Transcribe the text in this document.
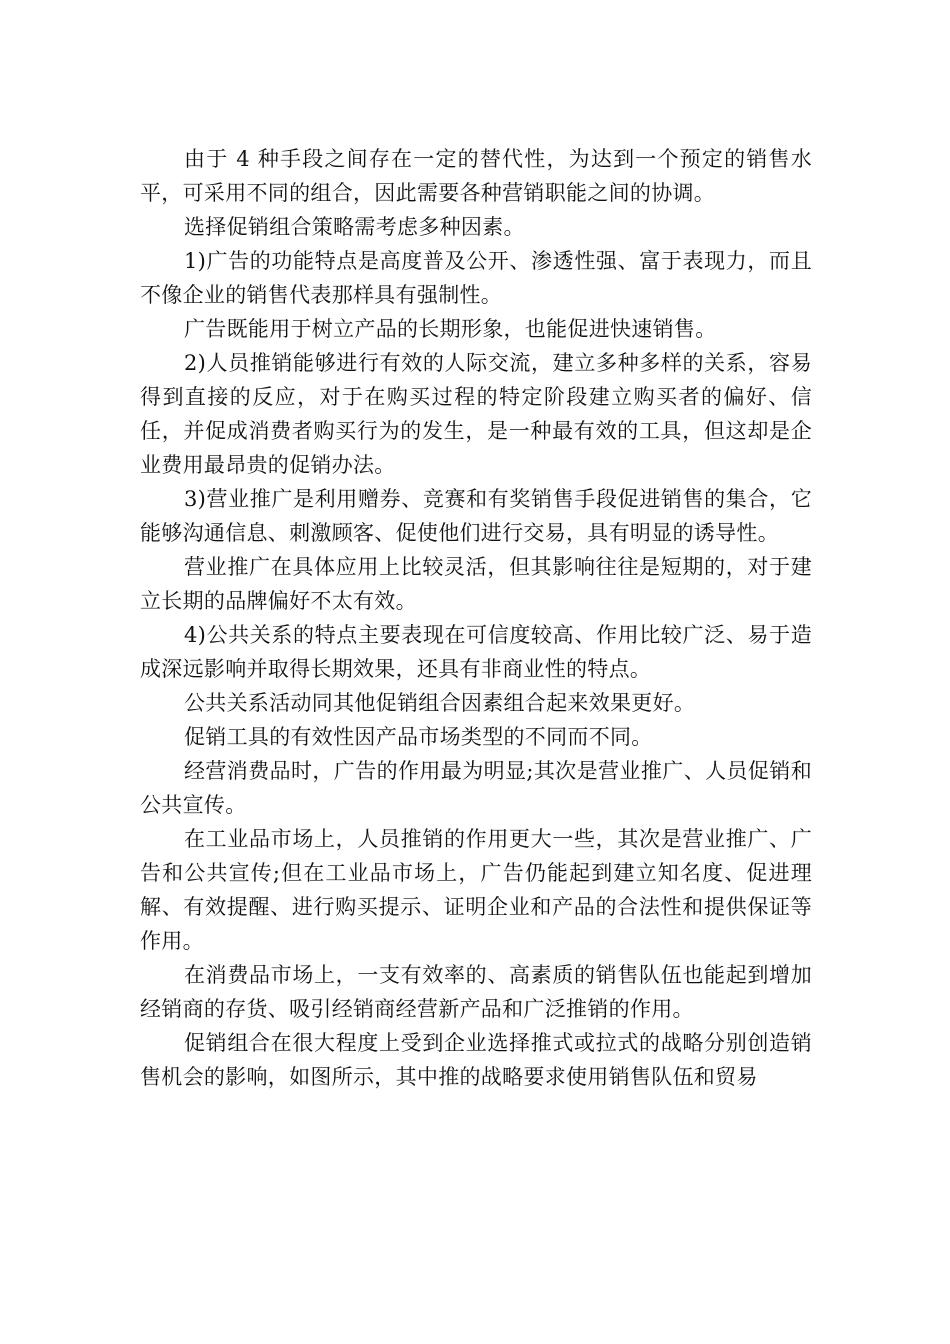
由于 4 种手段之间存在一定的替代性，为达到一个预定的销售水平，可采用不同的组合，因此需要各种营销职能之间的协调。

选择促销组合策略需考虑多种因素。

1)广告的功能特点是高度普及公开、渗透性强、富于表现力，而且不像企业的销售代表那样具有强制性。

广告既能用于树立产品的长期形象，也能促进快速销售。

2)人员推销能够进行有效的人际交流，建立多种多样的关系，容易得到直接的反应，对于在购买过程的特定阶段建立购买者的偏好、信任，并促成消费者购买行为的发生，是一种最有效的工具，但这却是企业费用最昂贵的促销办法。

3)营业推广是利用赠券、竞赛和有奖销售手段促进销售的集合，它能够沟通信息、刺激顾客、促使他们进行交易，具有明显的诱导性。

营业推广在具体应用上比较灵活，但其影响往往是短期的，对于建立长期的品牌偏好不太有效。

4)公共关系的特点主要表现在可信度较高、作用比较广泛、易于造成深远影响并取得长期效果，还具有非商业性的特点。

公共关系活动同其他促销组合因素组合起来效果更好。

促销工具的有效性因产品市场类型的不同而不同。

经营消费品时，广告的作用最为明显;其次是营业推广、人员促销和公共宣传。

在工业品市场上，人员推销的作用更大一些，其次是营业推广、广告和公共宣传;但在工业品市场上，广告仍能起到建立知名度、促进理解、有效提醒、进行购买提示、证明企业和产品的合法性和提供保证等作用。

在消费品市场上，一支有效率的、高素质的销售队伍也能起到增加经销商的存货、吸引经销商经营新产品和广泛推销的作用。

促销组合在很大程度上受到企业选择推式或拉式的战略分别创造销售机会的影响，如图所示，其中推的战略要求使用销售队伍和贸易
